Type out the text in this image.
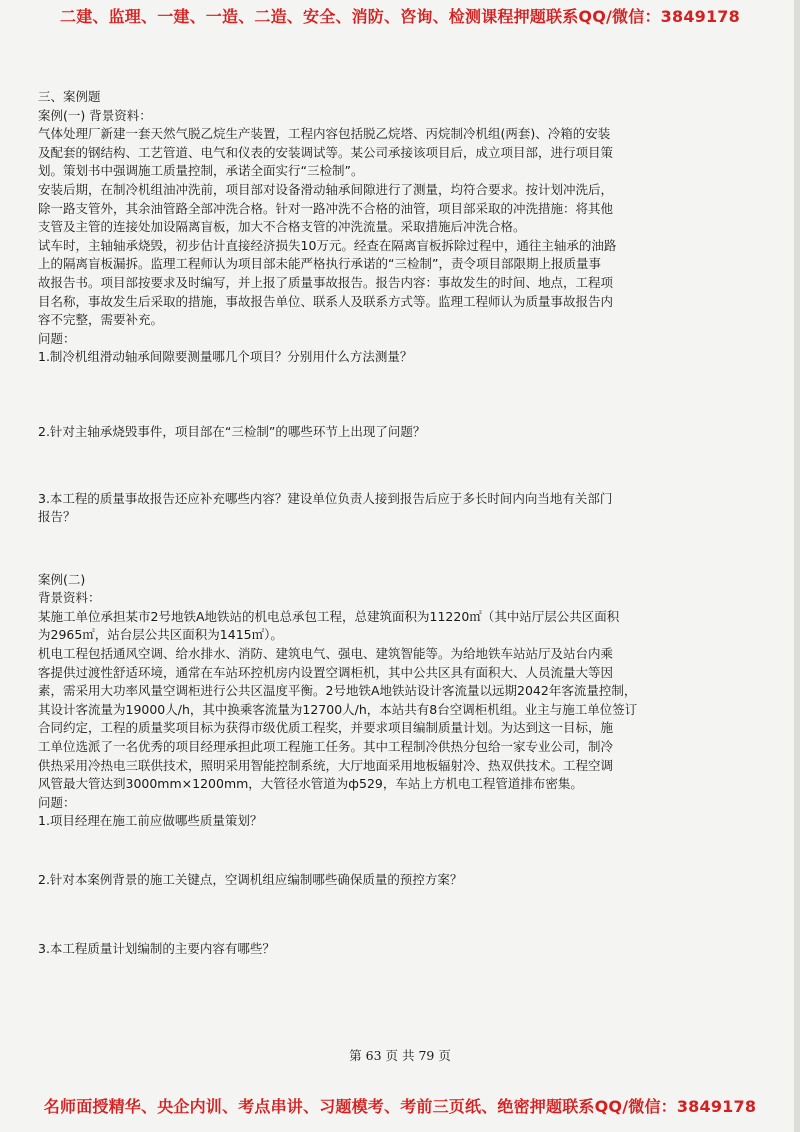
二建、监理、一建、一造、二造、安全、消防、咨询、检测课程押题联系QQ/微信：3849178

三、案例题

案例(一) 背景资料：

气体处理厂新建一套天然气脱乙烷生产装置，工程内容包括脱乙烷塔、丙烷制冷机组(两套)、冷箱的安装

及配套的钢结构、工艺管道、电气和仪表的安装调试等。某公司承接该项目后，成立项目部，进行项目策

划。策划书中强调施工质量控制，承诺全面实行“三检制”。

安装后期，在制冷机组油冲洗前，项目部对设备滑动轴承间隙进行了测量，均符合要求。按计划冲洗后，

除一路支管外，其余油管路全部冲洗合格。针对一路冲洗不合格的油管，项目部采取的冲洗措施：将其他

支管及主管的连接处加设隔离盲板，加大不合格支管的冲洗流量。采取措施后冲洗合格。

试车时，主轴轴承烧毁，初步估计直接经济损失10万元。经查在隔离盲板拆除过程中，通往主轴承的油路

上的隔离盲板漏拆。监理工程师认为项目部未能严格执行承诺的“三检制”，责令项目部限期上报质量事

故报告书。项目部按要求及时编写，并上报了质量事故报告。报告内容：事故发生的时间、地点，工程项

目名称，事故发生后采取的措施，事故报告单位、联系人及联系方式等。监理工程师认为质量事故报告内

容不完整，需要补充。

问题：

1.制冷机组滑动轴承间隙要测量哪几个项目？分别用什么方法测量？

2.针对主轴承烧毁事件，项目部在“三检制”的哪些环节上出现了问题？

3.本工程的质量事故报告还应补充哪些内容？建设单位负责人接到报告后应于多长时间内向当地有关部门

报告？

案例(二)

背景资料：

某施工单位承担某市2号地铁A地铁站的机电总承包工程，总建筑面积为11220㎡（其中站厅层公共区面积

为2965㎡，站台层公共区面积为1415㎡）。

机电工程包括通风空调、给水排水、消防、建筑电气、强电、建筑智能等。为给地铁车站站厅及站台内乘

客提供过渡性舒适环境，通常在车站环控机房内设置空调柜机，其中公共区具有面积大、人员流量大等因

素，需采用大功率风量空调柜进行公共区温度平衡。2号地铁A地铁站设计客流量以远期2042年客流量控制，

其设计客流量为19000人/h，其中换乘客流量为12700人/h，本站共有8台空调柜机组。业主与施工单位签订

合同约定，工程的质量奖项目标为获得市级优质工程奖，并要求项目编制质量计划。为达到这一目标，施

工单位选派了一名优秀的项目经理承担此项工程施工任务。其中工程制冷供热分包给一家专业公司，制冷

供热采用冷热电三联供技术，照明采用智能控制系统，大厅地面采用地板辐射冷、热双供技术。工程空调

风管最大管达到3000mm×1200mm，大管径水管道为ф529，车站上方机电工程管道排布密集。

问题：

1.项目经理在施工前应做哪些质量策划？

2.针对本案例背景的施工关键点，空调机组应编制哪些确保质量的预控方案？

3.本工程质量计划编制的主要内容有哪些？

第 63 页 共 79 页
名师面授精华、央企内训、考点串讲、习题模考、考前三页纸、绝密押题联系QQ/微信：3849178
